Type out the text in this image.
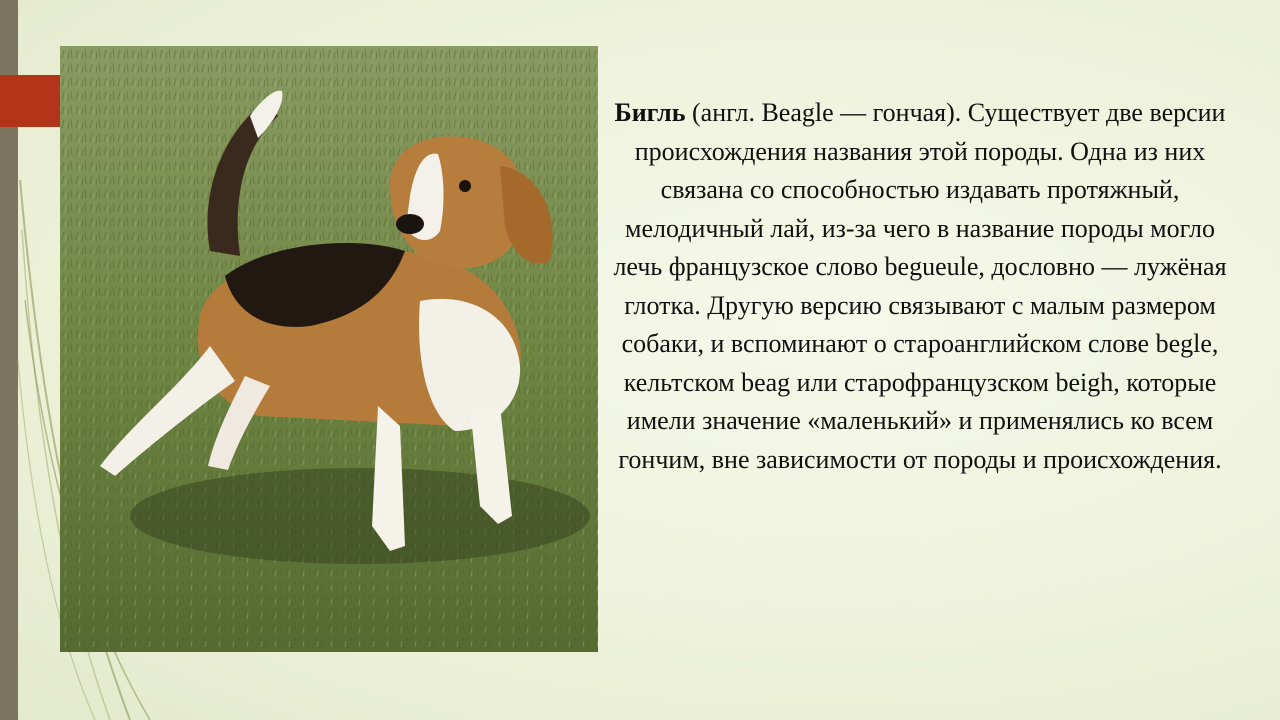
Бигль (англ. Beagle — гончая). Существует две версии происхождения названия этой породы. Одна из них связана со способностью издавать протяжный, мелодичный лай, из-за чего в название породы могло лечь французское слово begueule, дословно — лужёная глотка. Другую версию связывают с малым размером собаки, и вспоминают о староанглийском слове begle, кельтском beag или старофранцузском beigh, которые имели значение «маленький» и применялись ко всем гончим, вне зависимости от породы и происхождения.
